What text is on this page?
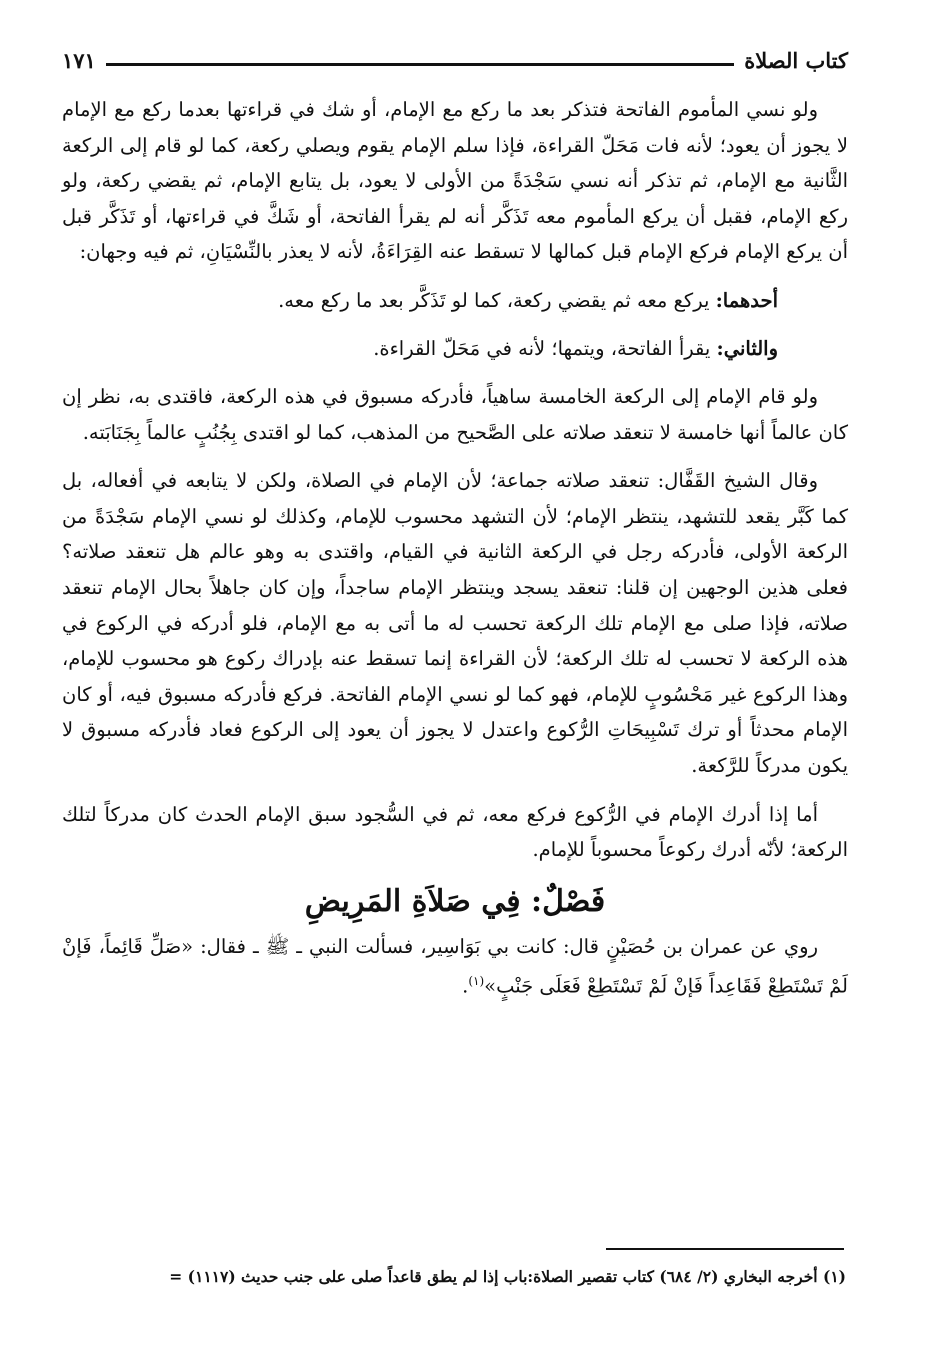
كتاب الصلاة
١٧١

ولو نسي المأموم الفاتحة فتذكر بعد ما ركع مع الإمام، أو شك في قراءتها بعدما ركع مع الإمام لا يجوز أن يعود؛ لأنه فات مَحَلّ القراءة، فإذا سلم الإمام يقوم ويصلي ركعة، كما لو قام إلى الركعة الثَّانية مع الإمام، ثم تذكر أنه نسي سَجْدَةً من الأولى لا يعود، بل يتابع الإمام، ثم يقضي ركعة، ولو ركع الإمام، فقبل أن يركع المأموم معه تَذَكَّر أنه لم يقرأ الفاتحة، أو شَكَّ في قراءتها، أو تَذَكَّر قبل أن يركع الإمام فركع الإمام قبل كمالها لا تسقط عنه القِرَاءَةُ، لأنه لا يعذر بالنِّسْيَانِ، ثم فيه وجهان:

أحدهما: يركع معه ثم يقضي ركعة، كما لو تَذَكَّر بعد ما ركع معه.

والثاني: يقرأ الفاتحة، ويتمها؛ لأنه في مَحَلّ القراءة.

ولو قام الإمام إلى الركعة الخامسة ساهياً، فأدركه مسبوق في هذه الركعة، فاقتدى به، نظر إن كان عالماً أنها خامسة لا تنعقد صلاته على الصَّحيح من المذهب، كما لو اقتدى بِجُنُبٍ عالماً بِجَنَابَته.

وقال الشيخ القَفَّال: تنعقد صلاته جماعة؛ لأن الإمام في الصلاة، ولكن لا يتابعه في أفعاله، بل كما كَبَّر يقعد للتشهد، ينتظر الإمام؛ لأن التشهد محسوب للإمام، وكذلك لو نسي الإمام سَجْدَةً من الركعة الأولى، فأدركه رجل في الركعة الثانية في القيام، واقتدى به وهو عالم هل تنعقد صلاته؟ فعلى هذين الوجهين إن قلنا: تنعقد يسجد وينتظر الإمام ساجداً، وإن كان جاهلاً بحال الإمام تنعقد صلاته، فإذا صلى مع الإمام تلك الركعة تحسب له ما أتى به مع الإمام، فلو أدركه في الركوع في هذه الركعة لا تحسب له تلك الركعة؛ لأن القراءة إنما تسقط عنه بإدراك ركوع هو محسوب للإمام، وهذا الركوع غير مَحْسُوبٍ للإمام، فهو كما لو نسي الإمام الفاتحة. فركع فأدركه مسبوق فيه، أو كان الإمام محدثاً أو ترك تَسْبِيحَاتِ الرُّكوع واعتدل لا يجوز أن يعود إلى الركوع فعاد فأدركه مسبوق لا يكون مدركاً للرَّكعة.

أما إذا أدرك الإمام في الرُّكوع فركع معه، ثم في السُّجود سبق الإمام الحدث كان مدركاً لتلك الركعة؛ لأنّه أدرك ركوعاً محسوباً للإمام.

فَصْلٌ: فِي صَلاَةِ المَرِيضِ

روي عن عمران بن حُصَيْنٍ قال: كانت بي بَوَاسِير، فسألت النبي ـ ﷺ ـ فقال: «صَلِّ قَائِماً، فَإنْ لَمْ تَسْتَطِعْ فَقَاعِداً فَإنْ لَمْ تَسْتَطِعْ فَعَلَى جَنْبٍ»$^{(١)}$.

(١) أخرجه البخاري (٢/ ٦٨٤) كتاب تقصير الصلاة:باب إذا لم يطق قاعداً صلى على جنب حديث (١١١٧) =
